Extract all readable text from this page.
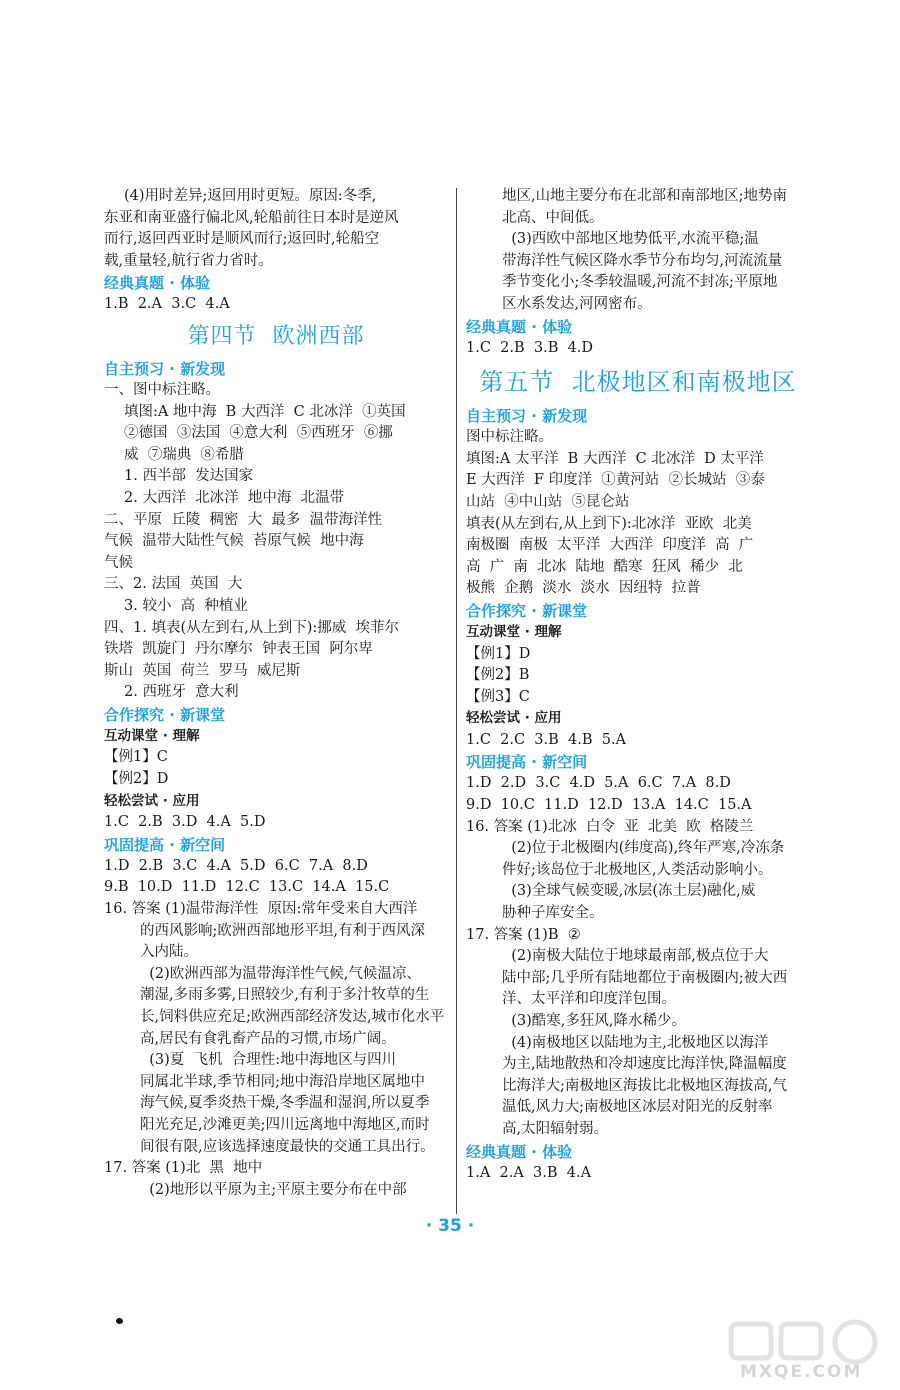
(4)用时差异;返回用时更短。原因:冬季,
东亚和南亚盛行偏北风,轮船前往日本时是逆风
而行,返回西亚时是顺风而行;返回时,轮船空
载,重量轻,航行省力省时。
经典真题 · 体验
1.B  2.A  3.C  4.A
第四节  欧洲西部
自主预习 · 新发现
一、图中标注略。
填图:A 地中海  B 大西洋  C 北冰洋  ①英国
②德国  ③法国  ④意大利  ⑤西班牙  ⑥挪
威  ⑦瑞典  ⑧希腊
1. 西半部  发达国家
2. 大西洋  北冰洋  地中海  北温带
二、平原  丘陵  稠密  大  最多  温带海洋性
气候  温带大陆性气候  苔原气候  地中海
气候
三、2. 法国  英国  大
3. 较小  高  种植业
四、1. 填表(从左到右,从上到下):挪威  埃菲尔
铁塔  凯旋门  丹尔摩尔  钟表王国  阿尔卑
斯山  英国  荷兰  罗马  威尼斯
2. 西班牙  意大利
合作探究 · 新课堂
互动课堂 · 理解
【例1】C
【例2】D
轻松尝试 · 应用
1.C  2.B  3.D  4.A  5.D
巩固提高 · 新空间
1.D  2.B  3.C  4.A  5.D  6.C  7.A  8.D
9.B  10.D  11.D  12.C  13.C  14.A  15.C
16. 答案 (1)温带海洋性  原因:常年受来自大西洋
的西风影响;欧洲西部地形平坦,有利于西风深
入内陆。
(2)欧洲西部为温带海洋性气候,气候温凉、
潮湿,多雨多雾,日照较少,有利于多汁牧草的生
长,饲料供应充足;欧洲西部经济发达,城市化水平
高,居民有食乳畜产品的习惯,市场广阔。
(3)夏  飞机  合理性:地中海地区与四川
同属北半球,季节相同;地中海沿岸地区属地中
海气候,夏季炎热干燥,冬季温和湿润,所以夏季
阳光充足,沙滩更美;四川远离地中海地区,而时
间很有限,应该选择速度最快的交通工具出行。
17. 答案 (1)北  黑  地中
(2)地形以平原为主;平原主要分布在中部
地区,山地主要分布在北部和南部地区;地势南
北高、中间低。
(3)西欧中部地区地势低平,水流平稳;温
带海洋性气候区降水季节分布均匀,河流流量
季节变化小;冬季较温暖,河流不封冻;平原地
区水系发达,河网密布。
经典真题 · 体验
1.C  2.B  3.B  4.D
第五节  北极地区和南极地区
自主预习 · 新发现
图中标注略。
填图:A 太平洋  B 大西洋  C 北冰洋  D 太平洋
E 大西洋  F 印度洋  ①黄河站  ②长城站  ③泰
山站  ④中山站  ⑤昆仑站
填表(从左到右,从上到下):北冰洋  亚欧  北美
南极圈  南极  太平洋  大西洋  印度洋  高  广
高  广  南  北冰  陆地  酷寒  狂风  稀少  北
极熊  企鹅  淡水  淡水  因纽特  拉普
合作探究 · 新课堂
互动课堂 · 理解
【例1】D
【例2】B
【例3】C
轻松尝试 · 应用
1.C  2.C  3.B  4.B  5.A
巩固提高 · 新空间
1.D  2.D  3.C  4.D  5.A  6.C  7.A  8.D
9.D  10.C  11.D  12.D  13.A  14.C  15.A
16. 答案 (1)北冰  白令  亚  北美  欧  格陵兰
(2)位于北极圈内(纬度高),终年严寒,冷冻条
件好;该岛位于北极地区,人类活动影响小。
(3)全球气候变暖,冰层(冻土层)融化,威
胁种子库安全。
17. 答案 (1)B  ②
(2)南极大陆位于地球最南部,极点位于大
陆中部;几乎所有陆地都位于南极圈内;被大西
洋、太平洋和印度洋包围。
(3)酷寒,多狂风,降水稀少。
(4)南极地区以陆地为主,北极地区以海洋
为主,陆地散热和冷却速度比海洋快,降温幅度
比海洋大;南极地区海拔比北极地区海拔高,气
温低,风力大;南极地区冰层对阳光的反射率
高,太阳辐射弱。
经典真题 · 体验
1.A  2.A  3.B  4.A
· 35 ·
MXQE.COM
